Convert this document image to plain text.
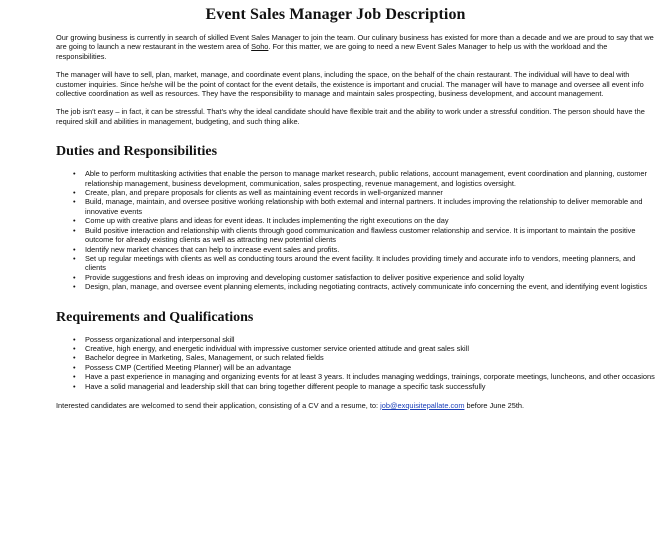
Event Sales Manager Job Description

Our growing business is currently in search of skilled Event Sales Manager to join the team. Our culinary business has existed for more than a decade and we are proud to say that we are going to launch a new restaurant in the western area of Soho. For this matter, we are going to need a new Event Sales Manager to help us with the workload and the responsibilities.

The manager will have to sell, plan, market, manage, and coordinate event plans, including the space, on the behalf of the chain restaurant. The individual will have to deal with customer inquiries. Since he/she will be the point of contact for the event details, the existence is important and crucial. The manager will have to manage and oversee all event info collective coordination as well as resources. They have the responsibility to manage and maintain sales prospecting, business development, and account management.

The job isn't easy – in fact, it can be stressful. That's why the ideal candidate should have flexible trait and the ability to work under a stressful condition. The person should have the required skill and abilities in management, budgeting, and such thing alike.

Duties and Responsibilities
• Able to perform multitasking activities that enable the person to manage market research, public relations, account management, event coordination and planning, customer relationship management, business development, communication, sales prospecting, revenue management, and logistics oversight.
• Create, plan, and prepare proposals for clients as well as maintaining event records in well-organized manner
• Build, manage, maintain, and oversee positive working relationship with both external and internal partners. It includes improving the relationship to deliver memorable and innovative events
• Come up with creative plans and ideas for event ideas. It includes implementing the right executions on the day
• Build positive interaction and relationship with clients through good communication and flawless customer relationship and service. It is important to maintain the positive outcome for already existing clients as well as attracting new potential clients
• Identify new market chances that can help to increase event sales and profits.
• Set up regular meetings with clients as well as conducting tours around the event facility. It includes providing timely and accurate info to vendors, meeting planners, and clients
• Provide suggestions and fresh ideas on improving and developing customer satisfaction to deliver positive experience and solid loyalty
• Design, plan, manage, and oversee event planning elements, including negotiating contracts, actively communicate info concerning the event, and identifying event logistics
Requirements and Qualifications
• Possess organizational and interpersonal skill
• Creative, high energy, and energetic individual with impressive customer service oriented attitude and great sales skill
• Bachelor degree in Marketing, Sales, Management, or such related fields
• Possess CMP (Certified Meeting Planner) will be an advantage
• Have a past experience in managing and organizing events for at least 3 years. It includes managing weddings, trainings, corporate meetings, luncheons, and other occasions
• Have a solid managerial and leadership skill that can bring together different people to manage a specific task successfully

Interested candidates are welcomed to send their application, consisting of a CV and a resume, to: job@exquisitepallate.com before June 25th.
